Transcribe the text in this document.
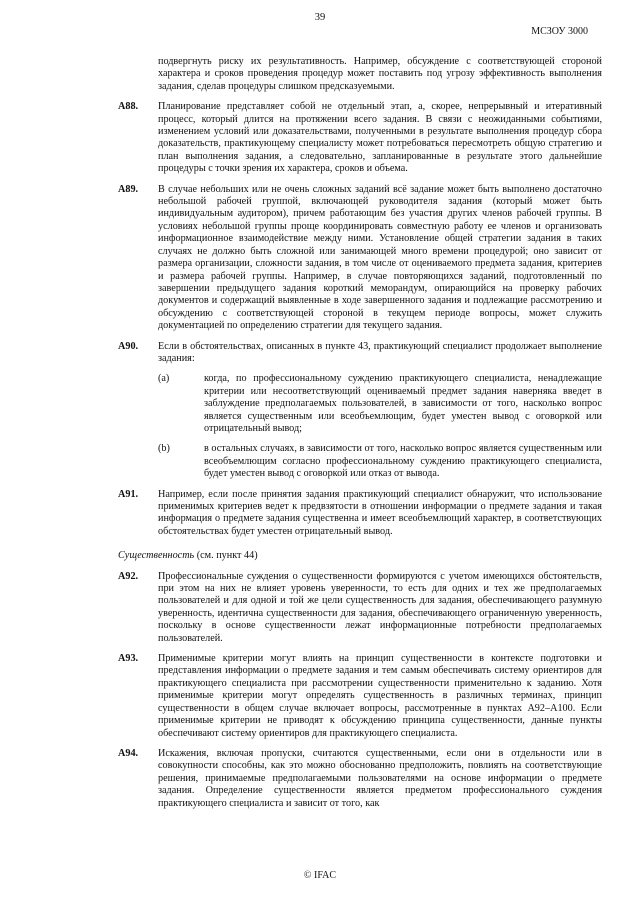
39
МСЗОУ 3000
подвергнуть риску их результативность. Например, обсуждение с соответствующей стороной характера и сроков проведения процедур может поставить под угрозу эффективность выполнения задания, сделав процедуры слишком предсказуемыми.
A88. Планирование представляет собой не отдельный этап, а, скорее, непрерывный и итеративный процесс, который длится на протяжении всего задания. В связи с неожиданными событиями, изменением условий или доказательствами, полученными в результате выполнения процедур сбора доказательств, практикующему специалисту может потребоваться пересмотреть общую стратегию и план выполнения задания, а следовательно, запланированные в результате этого дальнейшие процедуры с точки зрения их характера, сроков и объема.
A89. В случае небольших или не очень сложных заданий всё задание может быть выполнено достаточно небольшой рабочей группой, включающей руководителя задания (который может быть индивидуальным аудитором), причем работающим без участия других членов рабочей группы. В условиях небольшой группы проще координировать совместную работу ее членов и организовать информационное взаимодействие между ними. Установление общей стратегии задания в таких случаях не должно быть сложной или занимающей много времени процедурой; оно зависит от размера организации, сложности задания, в том числе от оцениваемого предмета задания, критериев и размера рабочей группы. Например, в случае повторяющихся заданий, подготовленный по завершении предыдущего задания короткий меморандум, опирающийся на проверку рабочих документов и содержащий выявленные в ходе завершенного задания и подлежащие рассмотрению и обсуждению с соответствующей стороной в текущем периоде вопросы, может служить документацией по определению стратегии для текущего задания.
A90. Если в обстоятельствах, описанных в пункте 43, практикующий специалист продолжает выполнение задания:
(a)	когда, по профессиональному суждению практикующего специалиста, ненадлежащие критерии или несоответствующий оцениваемый предмет задания наверняка введет в заблуждение предполагаемых пользователей, в зависимости от того, насколько вопрос является существенным или всеобъемлющим, будет уместен вывод с оговоркой или отрицательный вывод;
(b)	в остальных случаях, в зависимости от того, насколько вопрос является существенным или всеобъемлющим согласно профессиональному суждению практикующего специалиста, будет уместен вывод с оговоркой или отказ от вывода.
A91. Например, если после принятия задания практикующий специалист обнаружит, что использование применимых критериев ведет к предвзятости в отношении информации о предмете задания и такая информация о предмете задания существенна и имеет всеобъемлющий характер, в соответствующих обстоятельствах будет уместен отрицательный вывод.
Существенность (см. пункт 44)
A92. Профессиональные суждения о существенности формируются с учетом имеющихся обстоятельств, при этом на них не влияет уровень уверенности, то есть для одних и тех же предполагаемых пользователей и для одной и той же цели существенность для задания, обеспечивающего разумную уверенность, идентична существенности для задания, обеспечивающего ограниченную уверенность, поскольку в основе существенности лежат информационные потребности предполагаемых пользователей.
A93. Применимые критерии могут влиять на принцип существенности в контексте подготовки и представления информации о предмете задания и тем самым обеспечивать систему ориентиров для практикующего специалиста при рассмотрении существенности применительно к заданию. Хотя применимые критерии могут определять существенность в различных терминах, принцип существенности в общем случае включает вопросы, рассмотренные в пунктах A92–A100. Если применимые критерии не приводят к обсуждению принципа существенности, данные пункты обеспечивают систему ориентиров для практикующего специалиста.
A94. Искажения, включая пропуски, считаются существенными, если они в отдельности или в совокупности способны, как это можно обоснованно предположить, повлиять на соответствующие решения, принимаемые предполагаемыми пользователями на основе информации о предмете задания. Определение существенности является предметом профессионального суждения практикующего специалиста и зависит от того, как
© IFAC
